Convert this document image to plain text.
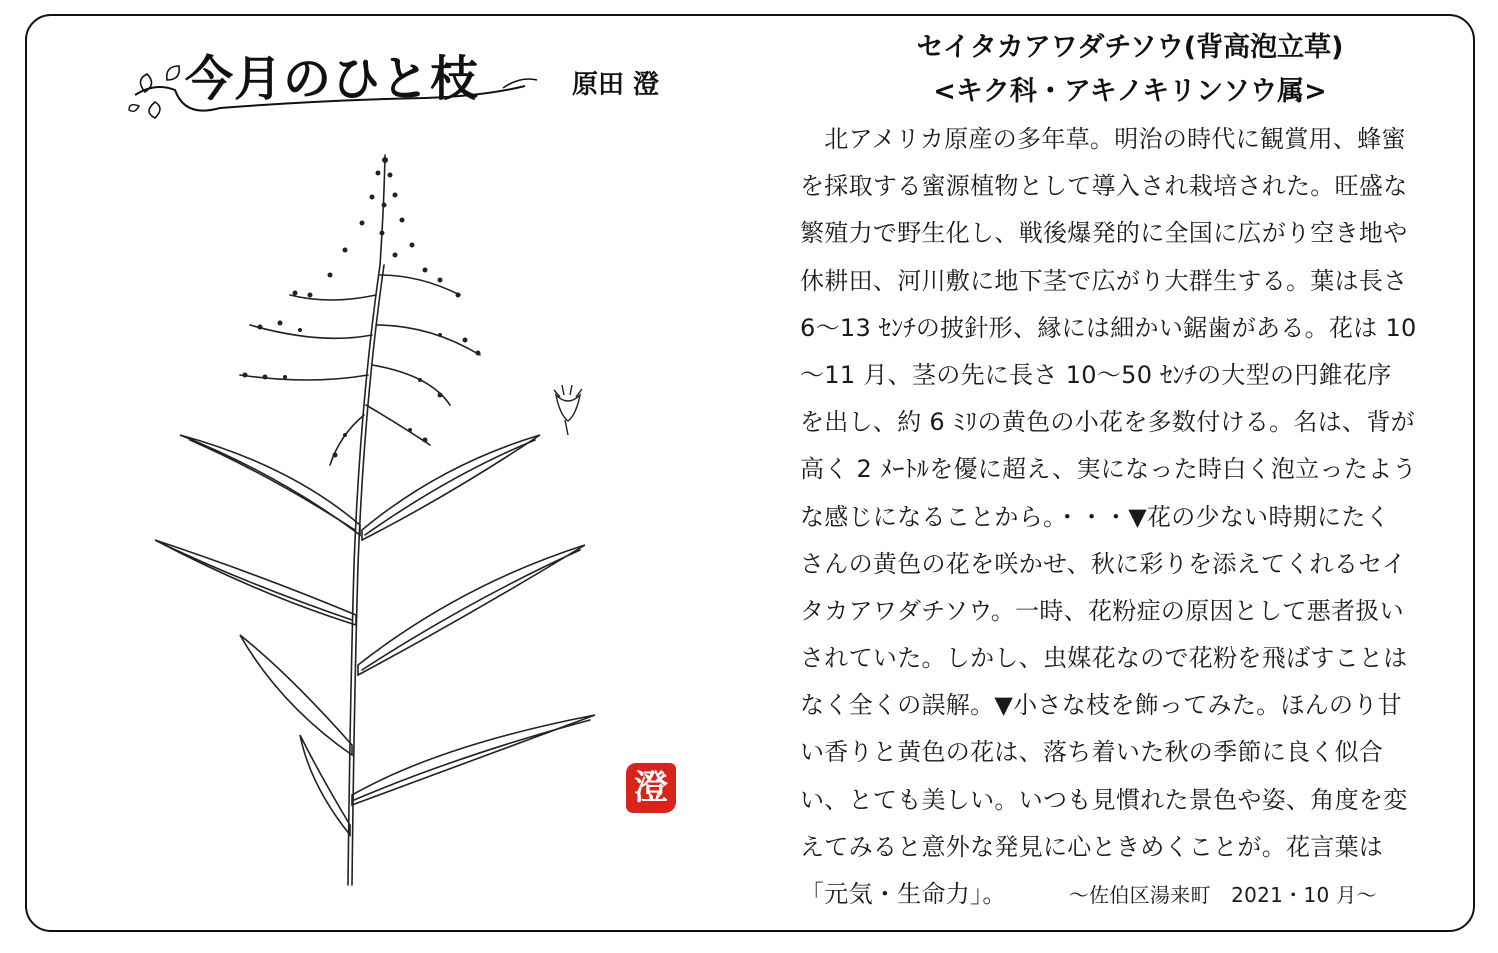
今月のひと枝	原田 澄
澄
セイタカアワダチソウ(背高泡立草)
<キク科・アキノキリンソウ属>
　北アメリカ原産の多年草。明治の時代に観賞用、蜂蜜
を採取する蜜源植物として導入され栽培された。旺盛な
繁殖力で野生化し、戦後爆発的に全国に広がり空き地や
休耕田、河川敷に地下茎で広がり大群生する。葉は長さ
6～13 ｾﾝﾁの披針形、縁には細かい鋸歯がある。花は 10
～11 月、茎の先に長さ 10～50 ｾﾝﾁの大型の円錐花序
を出し、約 6 ﾐﾘの黄色の小花を多数付ける。名は、背が
高く 2 ﾒｰﾄﾙを優に超え、実になった時白く泡立ったよう
な感じになることから。・・・▼花の少ない時期にたく
さんの黄色の花を咲かせ、秋に彩りを添えてくれるセイ
タカアワダチソウ。一時、花粉症の原因として悪者扱い
されていた。しかし、虫媒花なので花粉を飛ばすことは
なく全くの誤解。▼小さな枝を飾ってみた。ほんのり甘
い香りと黄色の花は、落ち着いた秋の季節に良く似合
い、とても美しい。いつも見慣れた景色や姿、角度を変
えてみると意外な発見に心ときめくことが。花言葉は
「元気・生命力」。	～佐伯区湯来町　2021・10 月～
